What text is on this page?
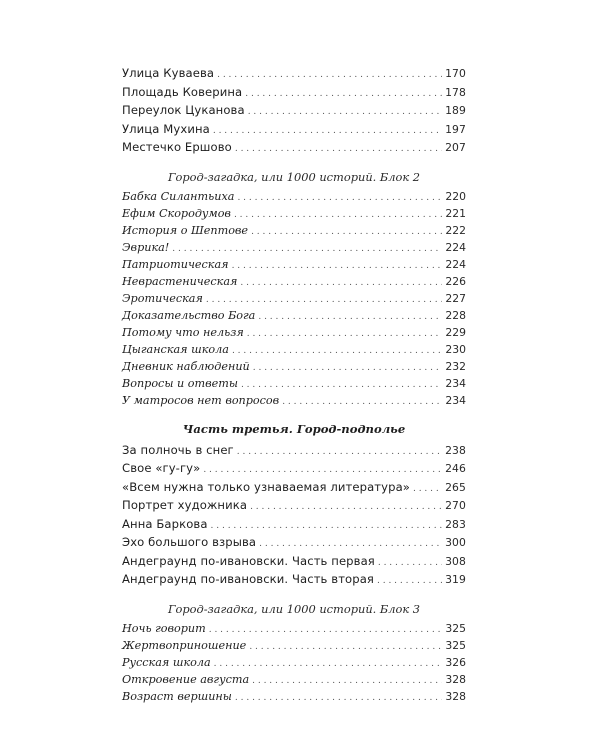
Улица Куваева . . .	170
Площадь Коверина . . .	178
Переулок Цуканова . . .	189
Улица Мухина . . .	197
Местечко Ершово . . .	207
Город-загадка, или 1000 историй. Блок 2
Бабка Силантьиха . . .	220
Ефим Скородумов . . .	221
История о Шептове . . .	222
Эврика! . . .	224
Патриотическая . . .	224
Неврастеническая . . .	226
Эротическая . . .	227
Доказательство Бога . . .	228
Потому что нельзя . . .	229
Цыганская школа . . .	230
Дневник наблюдений . . .	232
Вопросы и ответы . . .	234
У матросов нет вопросов . . .	234
Часть третья. Город-подполье
За полночь в снег . . .	238
Свое «гу-гу» . . .	246
«Всем нужна только узнаваемая литература» . . .	265
Портрет художника . . .	270
Анна Баркова . . .	283
Эхо большого взрыва . . .	300
Андеграунд по-ивановски. Часть первая . . .	308
Андеграунд по-ивановски. Часть вторая . . .	319
Город-загадка, или 1000 историй. Блок 3
Ночь говорит . . .	325
Жертвоприношение . . .	325
Русская школа . . .	326
Откровение августа . . .	328
Возраст вершины . . .	328
